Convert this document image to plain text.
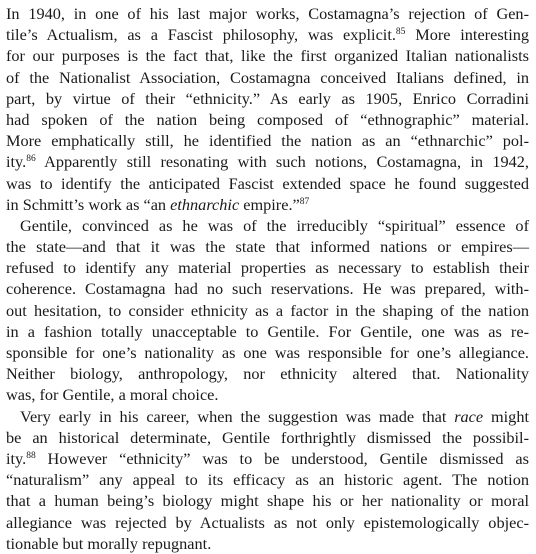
In 1940, in one of his last major works, Costamagna’s rejection of Gen-
tile’s Actualism, as a Fascist philosophy, was explicit.$^{85}$ More interesting
for our purposes is the fact that, like the first organized Italian nationalists
of the Nationalist Association, Costamagna conceived Italians defined, in
part, by virtue of their “ethnicity.” As early as 1905, Enrico Corradini
had spoken of the nation being composed of “ethnographic” material.
More emphatically still, he identified the nation as an “ethnarchic” pol-
ity.$^{86}$ Apparently still resonating with such notions, Costamagna, in 1942,
was to identify the anticipated Fascist extended space he found suggested
in Schmitt’s work as “an ethnarchic empire.”$^{87}$
Gentile, convinced as he was of the irreducibly “spiritual” essence of
the state—and that it was the state that informed nations or empires—
refused to identify any material properties as necessary to establish their
coherence. Costamagna had no such reservations. He was prepared, with-
out hesitation, to consider ethnicity as a factor in the shaping of the nation
in a fashion totally unacceptable to Gentile. For Gentile, one was as re-
sponsible for one’s nationality as one was responsible for one’s allegiance.
Neither biology, anthropology, nor ethnicity altered that. Nationality
was, for Gentile, a moral choice.
Very early in his career, when the suggestion was made that race might
be an historical determinate, Gentile forthrightly dismissed the possibil-
ity.$^{88}$ However “ethnicity” was to be understood, Gentile dismissed as
“naturalism” any appeal to its efficacy as an historic agent. The notion
that a human being’s biology might shape his or her nationality or moral
allegiance was rejected by Actualists as not only epistemologically objec-
tionable but morally repugnant.
